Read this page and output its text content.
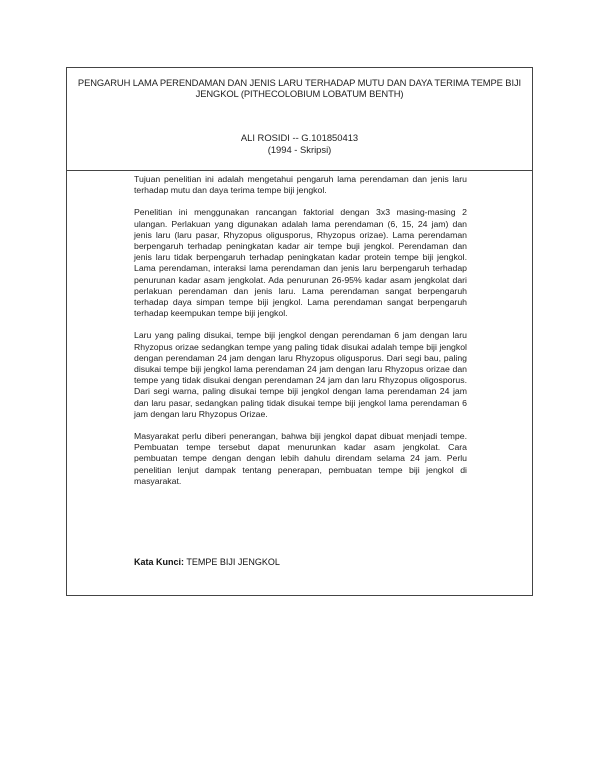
PENGARUH LAMA PERENDAMAN DAN JENIS LARU TERHADAP MUTU DAN DAYA TERIMA TEMPE BIJI JENGKOL (PITHECOLOBIUM LOBATUM BENTH)
ALI ROSIDI -- G.101850413
(1994 - Skripsi)

Tujuan penelitian ini adalah mengetahui pengaruh lama perendaman dan jenis laru terhadap mutu dan daya terima tempe biji jengkol.

Penelitian ini menggunakan rancangan faktorial dengan 3x3 masing-masing 2 ulangan. Perlakuan yang digunakan adalah lama perendaman (6, 15, 24 jam) dan jenis laru (laru pasar, Rhyzopus oligusporus, Rhyzopus orizae). Lama perendaman berpengaruh terhadap peningkatan kadar air tempe buji jengkol. Perendaman dan jenis laru tidak berpengaruh terhadap peningkatan kadar protein tempe biji jengkol. Lama perendaman, interaksi lama perendaman dan jenis laru berpengaruh terhadap penurunan kadar asam jengkolat. Ada penurunan 26-95% kadar asam jengkolat dari perlakuan perendaman dan jenis laru. Lama perendaman sangat berpengaruh terhadap daya simpan tempe biji jengkol. Lama perendaman sangat berpengaruh terhadap keempukan tempe biji jengkol.

Laru yang paling disukai, tempe biji jengkol dengan perendaman 6 jam dengan laru Rhyzopus orizae sedangkan tempe yang paling tidak disukai adalah tempe biji jengkol dengan perendaman 24 jam dengan laru Rhyzopus oligusporus. Dari segi bau, paling disukai tempe biji jengkol lama perendaman 24 jam dengan laru Rhyzopus orizae dan tempe yang tidak disukai dengan perendaman 24 jam dan laru Rhyzopus oligosporus. Dari segi warna, paling disukai tempe biji jengkol dengan lama perendaman 24 jam dan laru pasar, sedangkan paling tidak disukai tempe biji jengkol lama perendaman 6 jam dengan laru Rhyzopus Orizae.

Masyarakat perlu diberi penerangan, bahwa biji jengkol dapat dibuat menjadi tempe. Pembuatan tempe tersebut dapat menurunkan kadar asam jengkolat. Cara pembuatan tempe dengan dengan lebih dahulu direndam selama 24 jam. Perlu penelitian lenjut dampak tentang penerapan, pembuatan tempe biji jengkol di masyarakat.

Kata Kunci: TEMPE BIJI JENGKOL
